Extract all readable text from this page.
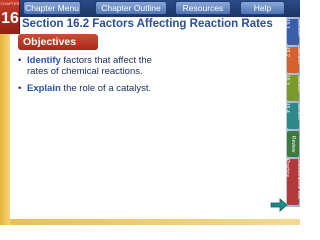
Chapter Menu	Chapter Outline	Resources	Help
CHAPTER
16 Section 16.2 Factors Affecting Reaction Rates
Objectives
• Identify factors that affect the rates of chemical reactions.
• Explain the role of a catalyst.
Section 16.1
Section 16.2
Section 16.3
Section 16.4
Review
Standardized Test Practice
